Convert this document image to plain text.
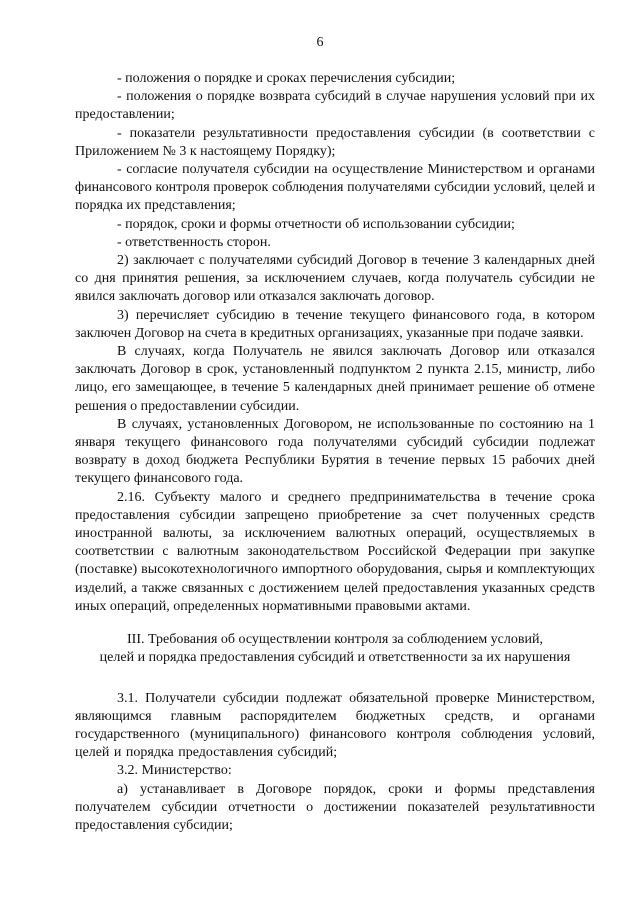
6

- положения о порядке и сроках перечисления субсидии;

- положения о порядке возврата субсидий в случае нарушения условий при их предоставлении;

- показатели результативности предоставления субсидии (в соответствии с Приложением № 3 к настоящему Порядку);

- согласие получателя субсидии на осуществление Министерством и органами финансового контроля проверок соблюдения получателями субсидии условий, целей и порядка их представления;

- порядок, сроки и формы отчетности об использовании субсидии;

- ответственность сторон.

2) заключает с получателями субсидий Договор в течение 3 календарных дней со дня принятия решения, за исключением случаев, когда получатель субсидии не явился заключать договор или отказался заключать договор.

3) перечисляет субсидию в течение текущего финансового года, в котором заключен Договор на счета в кредитных организациях, указанные при подаче заявки.

В случаях, когда Получатель не явился заключать Договор или отказался заключать Договор в срок, установленный подпунктом 2 пункта 2.15, министр, либо лицо, его замещающее, в течение 5 календарных дней принимает решение об отмене решения о предоставлении субсидии.

В случаях, установленных Договором, не использованные по состоянию на 1 января текущего финансового года получателями субсидий субсидии подлежат возврату в доход бюджета Республики Бурятия в течение первых 15 рабочих дней текущего финансового года.

2.16. Субъекту малого и среднего предпринимательства в течение срока предоставления субсидии запрещено приобретение за счет полученных средств иностранной валюты, за исключением валютных операций, осуществляемых в соответствии с валютным законодательством Российской Федерации при закупке (поставке) высокотехнологичного импортного оборудования, сырья и комплектующих изделий, а также связанных с достижением целей предоставления указанных средств иных операций, определенных нормативными правовыми актами.

III. Требования об осуществлении контроля за соблюдением условий,
целей и порядка предоставления субсидий и ответственности за их нарушения

3.1. Получатели субсидии подлежат обязательной проверке Министерством, являющимся главным распорядителем бюджетных средств, и органами государственного (муниципального) финансового контроля соблюдения условий, целей и порядка предоставления субсидий;

3.2. Министерство:

а) устанавливает в Договоре порядок, сроки и формы представления получателем субсидии отчетности о достижении показателей результативности предоставления субсидии;
